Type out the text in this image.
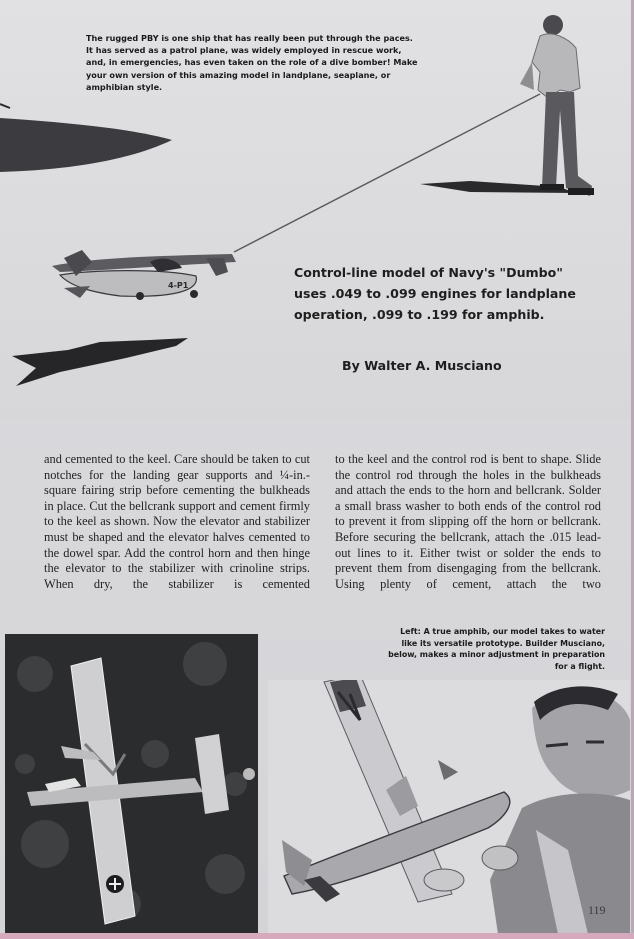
4-P1

The rugged PBY is one ship that has really been put through the paces. It has served as a patrol plane, was widely employed in rescue work, and, in emergencies, has even taken on the role of a dive bomber! Make your own version of this amazing model in landplane, seaplane, or amphibian style.

Control-line model of Navy's "Dumbo" uses .049 to .099 engines for landplane operation, .099 to .199 for amphib.

By Walter A. Musciano

and cemented to the keel. Care should be taken to cut notches for the landing gear supports and ¼-in.-square fairing strip before cementing the bulkheads in place. Cut the bellcrank support and cement firmly to the keel as shown. Now the elevator and stabilizer must be shaped and the elevator halves cemented to the dowel spar. Add the control horn and then hinge the elevator to the stabilizer with crinoline strips. When dry, the stabilizer is cemented

to the keel and the control rod is bent to shape. Slide the control rod through the holes in the bulkheads and attach the ends to the horn and bellcrank. Solder a small brass washer to both ends of the control rod to prevent it from slipping off the horn or bellcrank. Before securing the bellcrank, attach the .015 lead-out lines to it. Either twist or solder the ends to prevent them from disengaging from the bellcrank. Using plenty of cement, attach the two

Left: A true amphib, our model takes to water like its versatile prototype. Builder Musciano, below, makes a minor adjustment in preparation for a flight.

119
